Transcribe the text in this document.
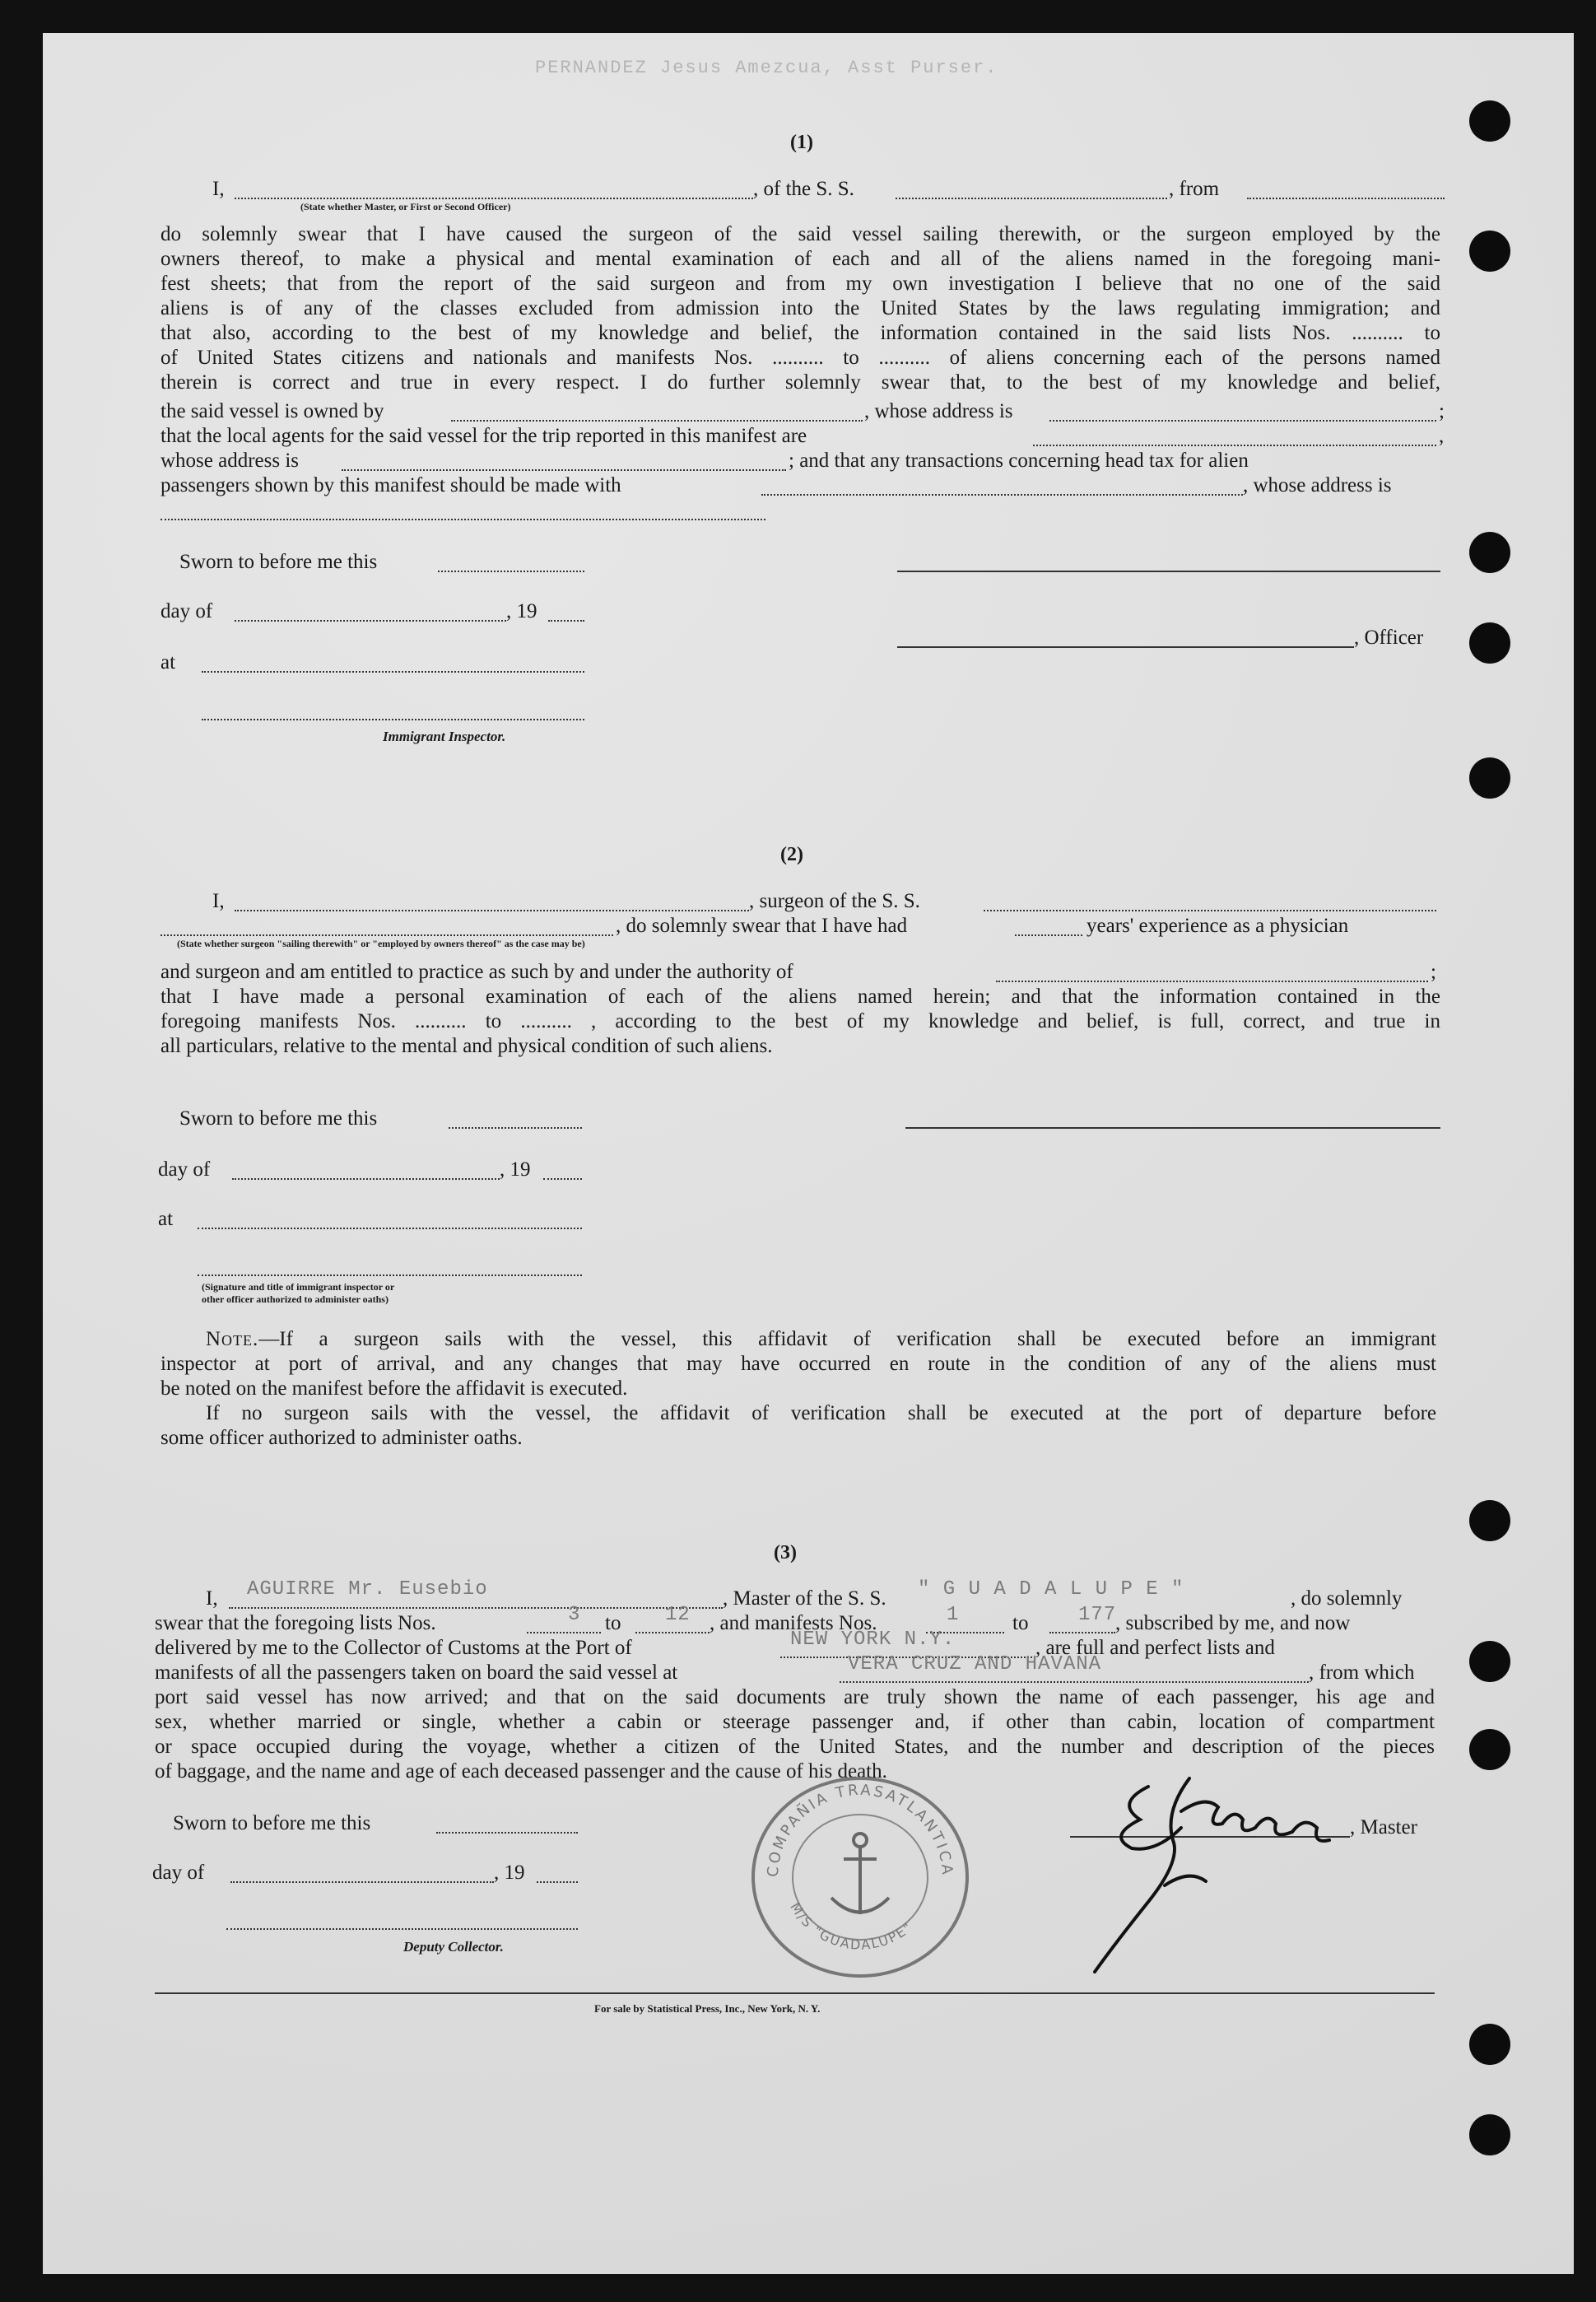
PERNANDEZ Jesus Amezcua, Asst Purser.
(1)
I,	, of the S. S.	, from
(State whether Master, or First or Second Officer)
do solemnly swear that I have caused the surgeon of the said vessel sailing therewith, or the surgeon employed by the
owners thereof, to make a physical and mental examination of each and all of the aliens named in the foregoing mani-
fest sheets; that from the report of the said surgeon and from my own investigation I believe that no one of the said
aliens is of any of the classes excluded from admission into the United States by the laws regulating immigration; and
that also, according to the best of my knowledge and belief, the information contained in the said lists Nos. .......... to
of United States citizens and nationals and manifests Nos. .......... to .......... of aliens concerning each of the persons named
therein is correct and true in every respect. I do further solemnly swear that, to the best of my knowledge and belief,
the said vessel is owned by	, whose address is	;
that the local agents for the said vessel for the trip reported in this manifest are	,
whose address is	; and that any transactions concerning head tax for alien
passengers shown by this manifest should be made with	, whose address is
Sworn to before me this
day of	, 19
, Officer
at
Immigrant Inspector.
(2)
I,	, surgeon of the S. S.
, do solemnly swear that I have had	years' experience as a physician
(State whether surgeon "sailing therewith" or "employed by owners thereof" as the case may be)
and surgeon and am entitled to practice as such by and under the authority of	;
that I have made a personal examination of each of the aliens named herein; and that the information contained in the
foregoing manifests Nos. .......... to .......... , according to the best of my knowledge and belief, is full, correct, and true in
all particulars, relative to the mental and physical condition of such aliens.
Sworn to before me this
day of	, 19
at
(Signature and title of immigrant inspector or
other officer authorized to administer oaths)
Note.—If a surgeon sails with the vessel, this affidavit of verification shall be executed before an immigrant
inspector at port of arrival, and any changes that may have occurred en route in the condition of any of the aliens must
be noted on the manifest before the affidavit is executed.
If no surgeon sails with the vessel, the affidavit of verification shall be executed at the port of departure before
some officer authorized to administer oaths.
(3)
I, AGUIRRE Mr. Eusebio	, Master of the S. S. " G U A D A L U P E "	, do solemnly
swear that the foregoing lists Nos.	3 to 12 , and manifests Nos.	1	to	177
, subscribed by me, and now
delivered by me to the Collector of Customs at the Port of	NEW YORK N.Y.	, are full and perfect lists and
manifests of all the passengers taken on board the said vessel at	VERA CRUZ AND HAVANA	, from which
port said vessel has now arrived; and that on the said documents are truly shown the name of each passenger, his age and
sex, whether married or single, whether a cabin or steerage passenger and, if other than cabin, location of compartment
or space occupied during the voyage, whether a citizen of the United States, and the number and description of the pieces
of baggage, and the name and age of each deceased passenger and the cause of his death.
Sworn to before me this	, Master
day of	, 19
Deputy Collector.
COMPAÑIA TRASATLANTICA
M/S "GUADALUPE"
For sale by Statistical Press, Inc., New York, N. Y.
